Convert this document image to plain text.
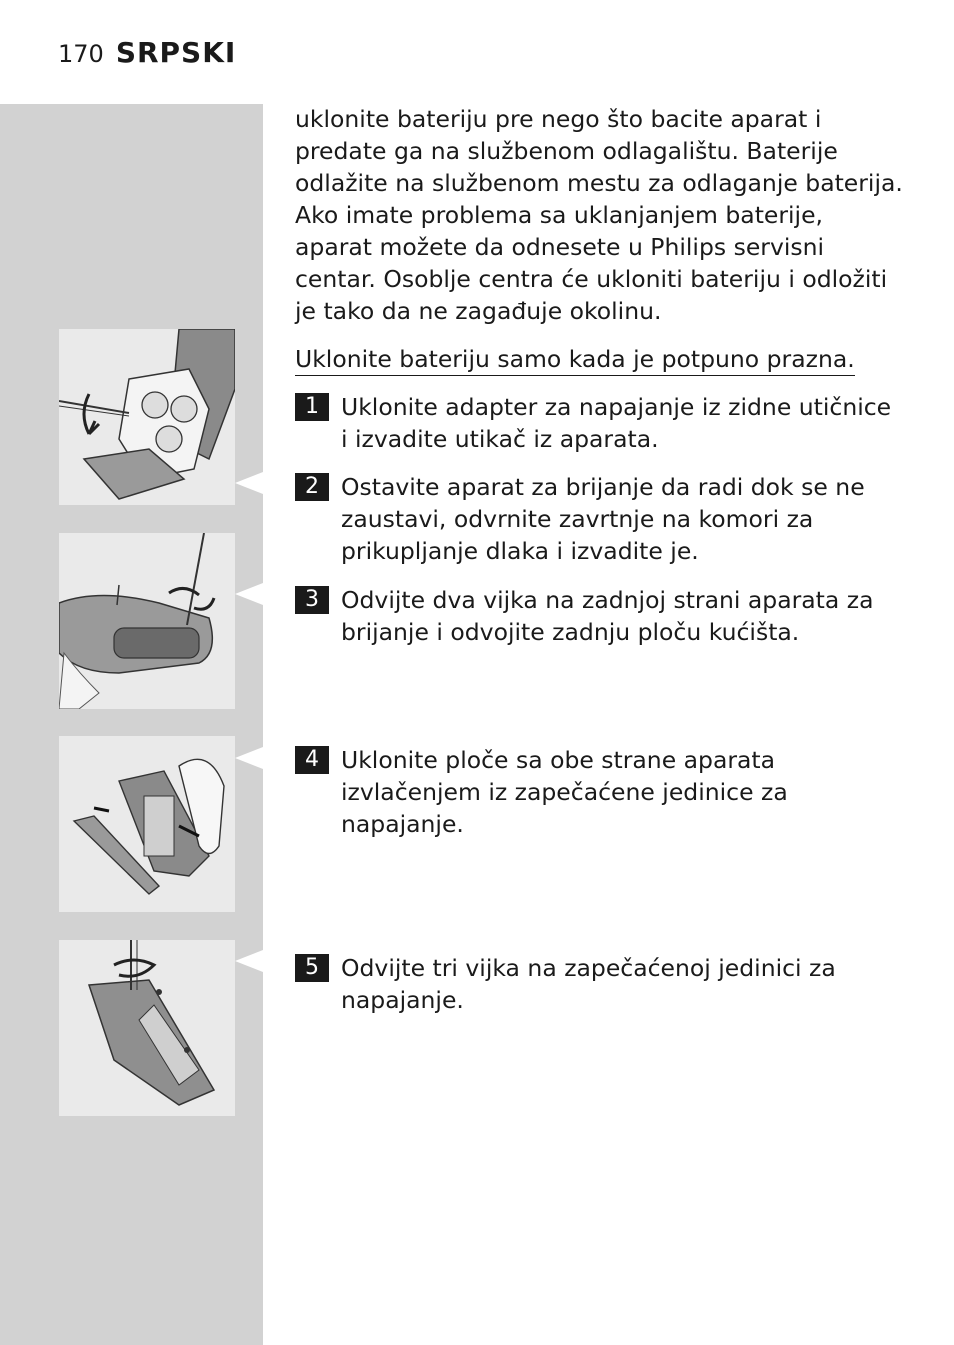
170 SRPSKI

uklonite bateriju pre nego što bacite aparat i predate ga na službenom odlagalištu. Baterije odlažite na službenom mestu za odlaganje baterija. Ako imate problema sa uklanjanjem baterije, aparat možete da odnesete u Philips servisni centar. Osoblje centra će ukloniti bateriju i odložiti je tako da ne zagađuje okolinu.

Uklonite bateriju samo kada je potpuno prazna.
1 Uklonite adapter za napajanje iz zidne utičnice i izvadite utikač iz aparata.
2 Ostavite aparat za brijanje da radi dok se ne zaustavi, odvrnite zavrtnje na komori za prikupljanje dlaka i izvadite je.
3 Odvijte dva vijka na zadnjoj strani aparata za brijanje i odvojite zadnju ploču kućišta.
4 Uklonite ploče sa obe strane aparata izvlačenjem iz zapečaćene jedinice za napajanje.
5 Odvijte tri vijka na zapečaćenoj jedinici za napajanje.
